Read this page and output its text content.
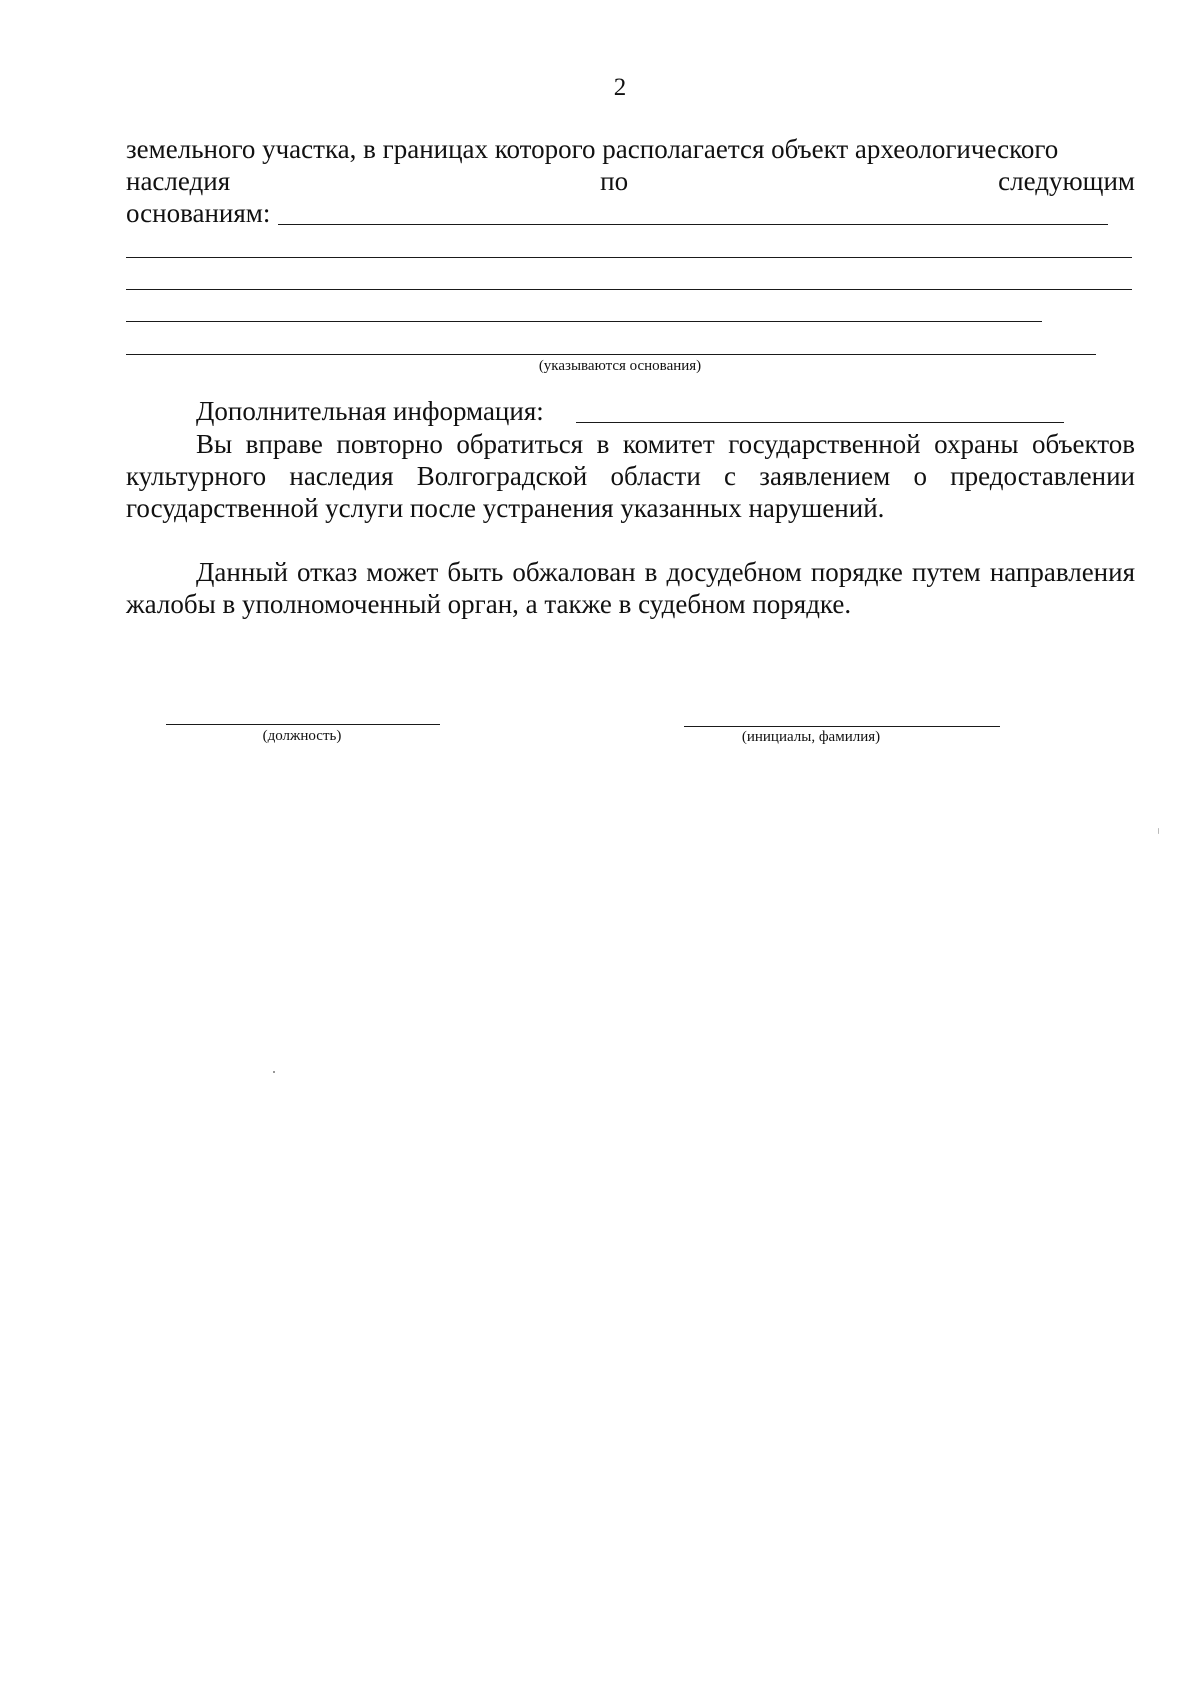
2
земельного участка, в границах которого располагается объект археологического
наследия	по	следующим
основаниям:
(указываются основания)
Дополнительная информация:
Вы вправе повторно обратиться в комитет государственной охраны объектов культурного наследия Волгоградской области с заявлением о предоставлении государственной услуги после устранения указанных нарушений.
Данный отказ может быть обжалован в досудебном порядке путем направления жалобы в уполномоченный орган, а также в судебном порядке.
(должность)	(инициалы, фамилия)
